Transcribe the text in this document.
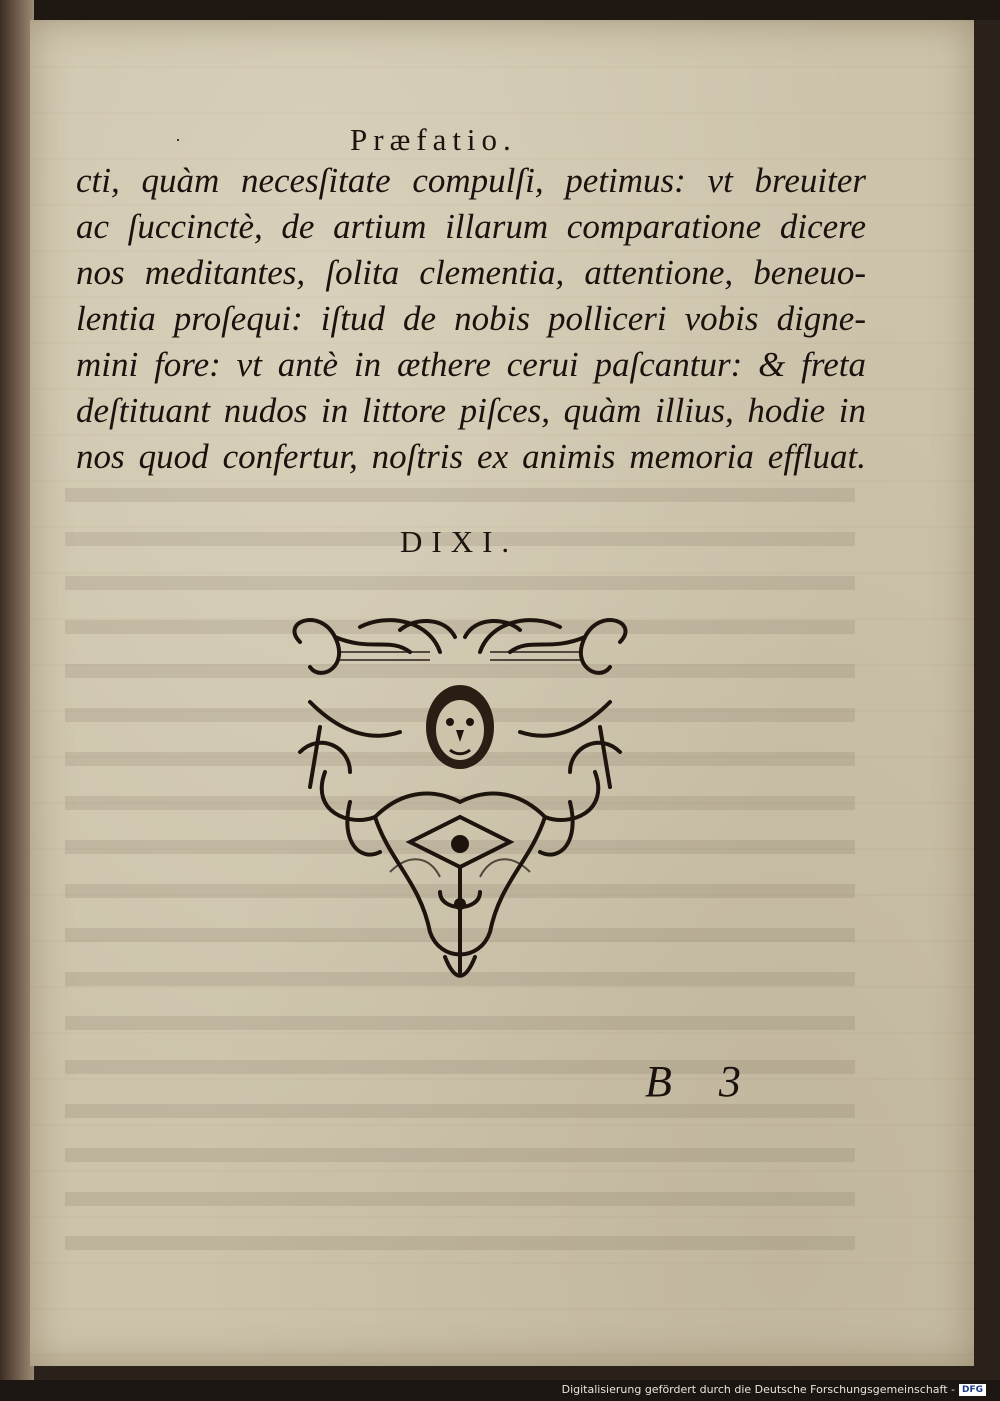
·	Præfatio.
cti, quàm necesſitate compulſi, petimus: vt breuiter
ac ſuccinctè, de artium illarum comparatione dicere
nos meditantes, ſolita clementia, attentione, beneuo-
lentia proſequi: iſtud de nobis polliceri vobis digne-
mini fore: vt antè in æthere cerui paſcantur: & freta
deſtituant nudos in littore piſces, quàm illius, hodie in
nos quod confertur, noſtris ex animis memoria effluat.
DIXI.
B 3
Digitalisierung gefördert durch die Deutsche Forschungsgemeinschaft - DFG
